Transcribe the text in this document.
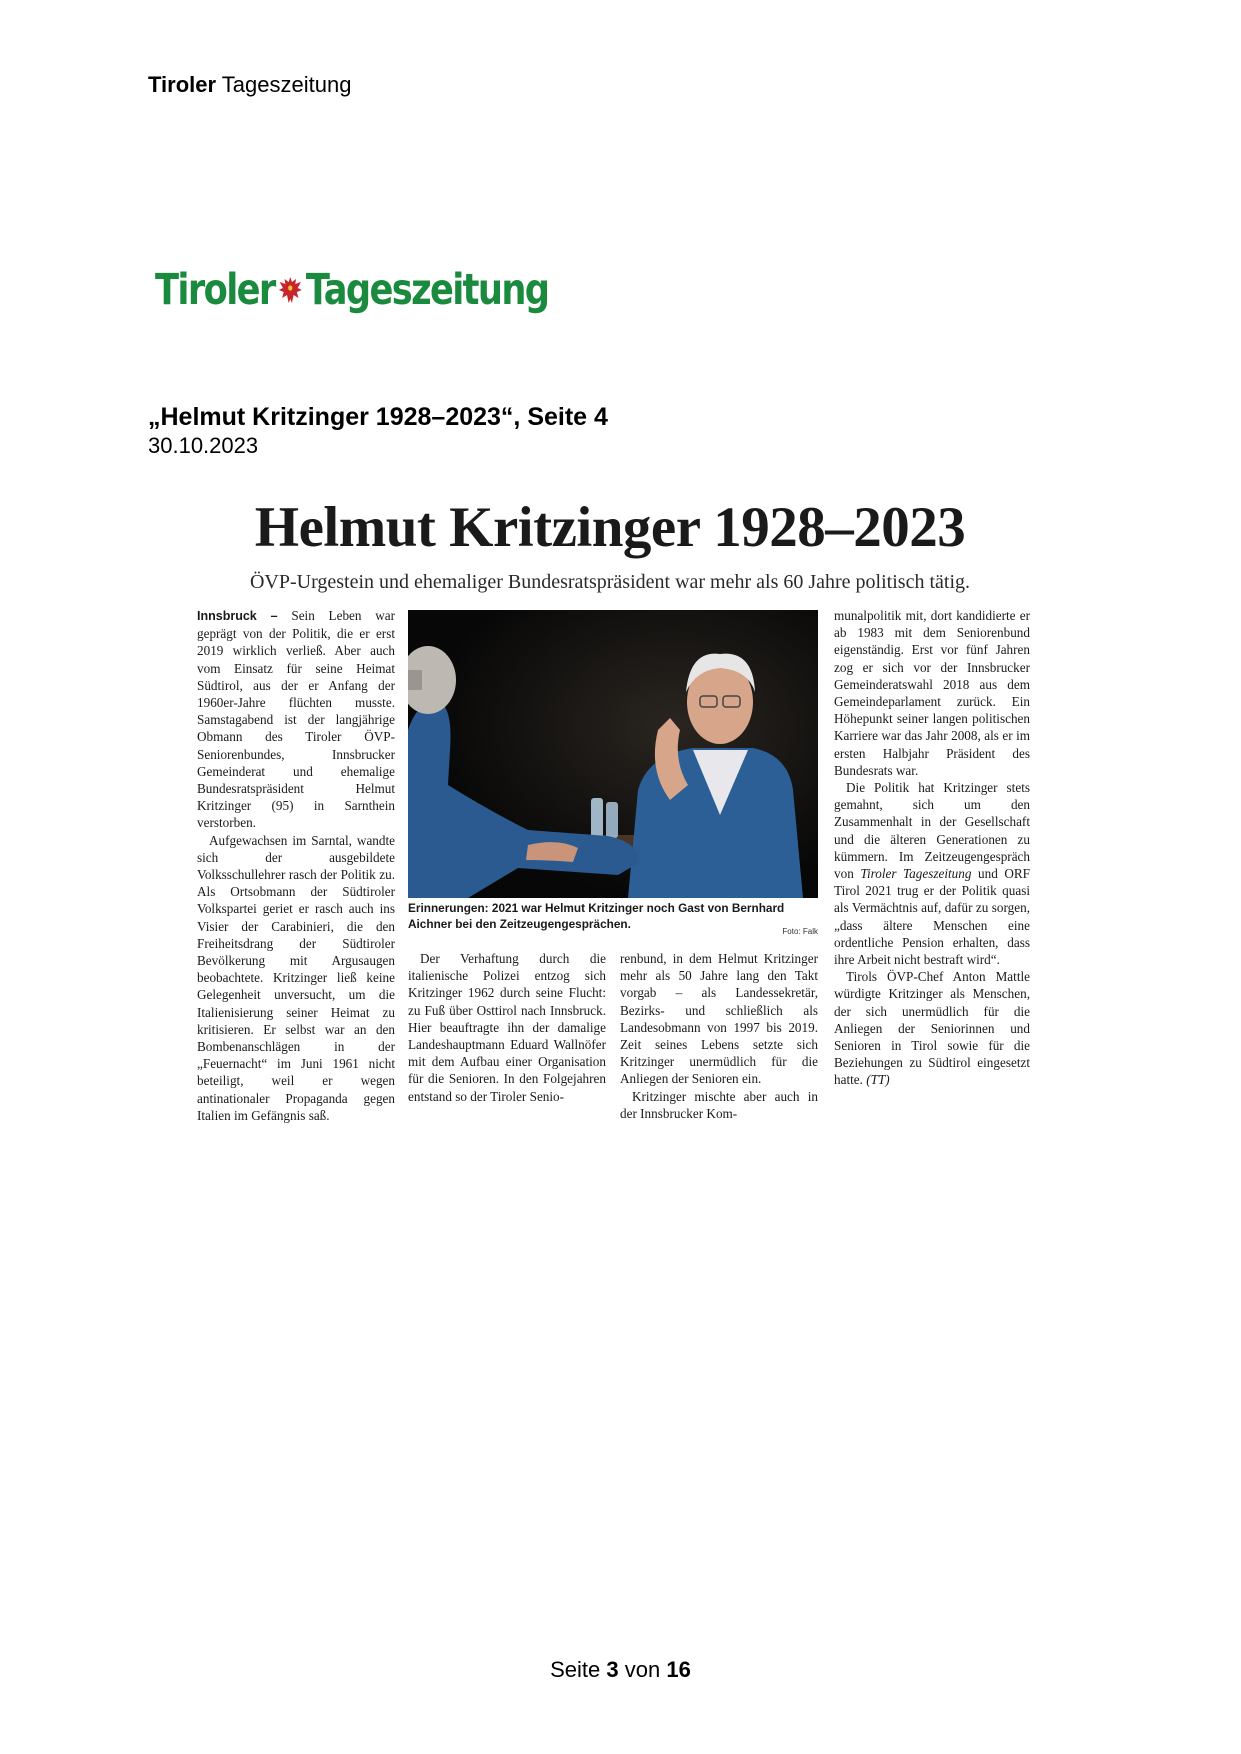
Tiroler Tageszeitung
Tiroler Tageszeitung
„Helmut Kritzinger 1928–2023“, Seite 4
30.10.2023
Helmut Kritzinger 1928–2023
ÖVP-Urgestein und ehemaliger Bundesratspräsident war mehr als 60 Jahre politisch tätig.

Innsbruck – Sein Leben war geprägt von der Politik, die er erst 2019 wirklich verließ. Aber auch vom Einsatz für seine Heimat Südtirol, aus der er Anfang der 1960er-Jahre flüchten musste. Samstagabend ist der langjährige Obmann des Tiroler ÖVP-Seniorenbundes, Innsbrucker Gemeinderat und ehemalige Bundesratspräsident Helmut Kritzinger (95) in Sarnthein verstorben.

Aufgewachsen im Sarntal, wandte sich der ausgebildete Volksschullehrer rasch der Politik zu. Als Ortsobmann der Südtiroler Volkspartei geriet er rasch auch ins Visier der Carabinieri, die den Freiheitsdrang der Südtiroler Bevölkerung mit Argusaugen beobachtete. Kritzinger ließ keine Gelegenheit unversucht, um die Italienisierung seiner Heimat zu kritisieren. Er selbst war an den Bombenanschlägen in der „Feuernacht“ im Juni 1961 nicht beteiligt, weil er wegen antinationaler Propaganda gegen Italien im Gefängnis saß.

Erinnerungen: 2021 war Helmut Kritzinger noch Gast von Bernhard Aichner bei den Zeitzeugengesprächen.
Foto: Falk

Der Verhaftung durch die italienische Polizei entzog sich Kritzinger 1962 durch seine Flucht: zu Fuß über Osttirol nach Innsbruck. Hier beauftragte ihn der damalige Landeshauptmann Eduard Wallnöfer mit dem Aufbau einer Organisation für die Senioren. In den Folgejahren entstand so der Tiroler Senio-

renbund, in dem Helmut Kritzinger mehr als 50 Jahre lang den Takt vorgab – als Landessekretär, Bezirks- und schließlich als Landesobmann von 1997 bis 2019. Zeit seines Lebens setzte sich Kritzinger unermüdlich für die Anliegen der Senioren ein.

Kritzinger mischte aber auch in der Innsbrucker Kom-

munalpolitik mit, dort kandidierte er ab 1983 mit dem Seniorenbund eigenständig. Erst vor fünf Jahren zog er sich vor der Innsbrucker Gemeinderatswahl 2018 aus dem Gemeindeparlament zurück. Ein Höhepunkt seiner langen politischen Karriere war das Jahr 2008, als er im ersten Halbjahr Präsident des Bundesrats war.

Die Politik hat Kritzinger stets gemahnt, sich um den Zusammenhalt in der Gesellschaft und die älteren Generationen zu kümmern. Im Zeitzeugengespräch von Tiroler Tageszeitung und ORF Tirol 2021 trug er der Politik quasi als Vermächtnis auf, dafür zu sorgen, „dass ältere Menschen eine ordentliche Pension erhalten, dass ihre Arbeit nicht bestraft wird“.

Tirols ÖVP-Chef Anton Mattle würdigte Kritzinger als Menschen, der sich unermüdlich für die Anliegen der Seniorinnen und Senioren in Tirol sowie für die Beziehungen zu Südtirol eingesetzt hatte. (TT)

Seite 3 von 16
